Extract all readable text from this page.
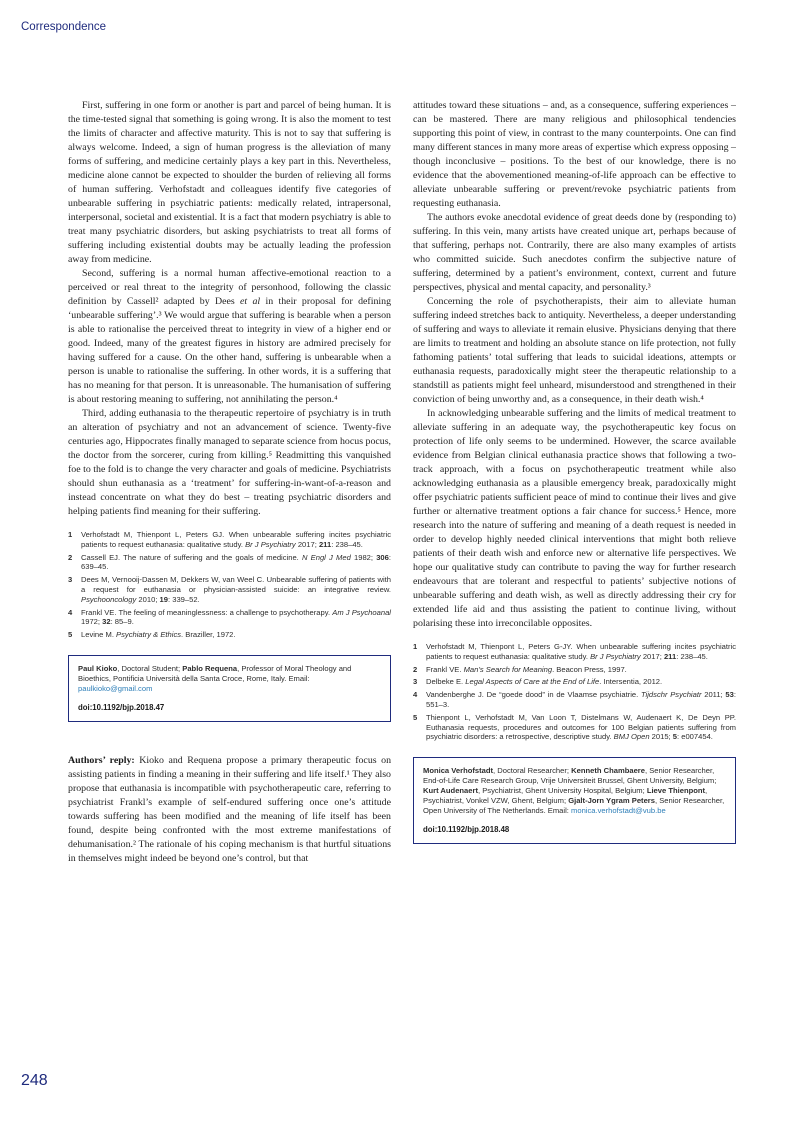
Correspondence

First, suffering in one form or another is part and parcel of being human. It is the time-tested signal that something is going wrong. It is also the moment to test the limits of character and affective maturity. This is not to say that suffering is always welcome. Indeed, a sign of human progress is the alleviation of many forms of suffering, and medicine certainly plays a key part in this. Nevertheless, medicine alone cannot be expected to shoulder the burden of relieving all forms of human suffering. Verhofstadt and colleagues identify five categories of unbearable suffering in psychiatric patients: medically related, intrapersonal, interpersonal, societal and existential. It is a fact that modern psychiatry is able to treat many psychiatric disorders, but asking psychiatrists to treat all forms of suffering including existential doubts may be actually leading the profession away from medicine.

Second, suffering is a normal human affective-emotional reaction to a perceived or real threat to the integrity of personhood, following the classic definition by Cassell² adapted by Dees et al in their proposal for defining ‘unbearable suffering’.³ We would argue that suffering is bearable when a person is able to rationalise the perceived threat to integrity in view of a higher end or good. Indeed, many of the greatest figures in history are admired precisely for having suffered for a cause. On the other hand, suffering is unbearable when a person is unable to rationalise the suffering. In other words, it is a suffering that has no meaning for that person. It is unreasonable. The humanisation of suffering is about restoring meaning to suffering, not annihilating the person.⁴

Third, adding euthanasia to the therapeutic repertoire of psychiatry is in truth an alteration of psychiatry and not an advancement of science. Twenty-five centuries ago, Hippocrates finally managed to separate science from hocus pocus, the doctor from the sorcerer, curing from killing.⁵ Readmitting this vanquished foe to the fold is to change the very character and goals of medicine. Psychiatrists should shun euthanasia as a ‘treatment’ for suffering-in-want-of-a-reason and instead concentrate on what they do best – treating psychiatric disorders and helping patients find meaning for their suffering.

1	Verhofstadt M, Thienpont L, Peters GJ. When unbearable suffering incites psychiatric patients to request euthanasia: qualitative study. Br J Psychiatry 2017; 211: 238–45.
2	Cassell EJ. The nature of suffering and the goals of medicine. N Engl J Med 1982; 306: 639–45.
3	Dees M, Vernooij-Dassen M, Dekkers W, van Weel C. Unbearable suffering of patients with a request for euthanasia or physician-assisted suicide: an integrative review. Psychooncology 2010; 19: 339–52.
4	Frankl VE. The feeling of meaninglessness: a challenge to psychotherapy. Am J Psychoanal 1972; 32: 85–9.
5	Levine M. Psychiatry & Ethics. Braziller, 1972.
Paul Kioko, Doctoral Student; Pablo Requena, Professor of Moral Theology and Bioethics, Pontificia Università della Santa Croce, Rome, Italy. Email: paulkioko@gmail.com
doi:10.1192/bjp.2018.47

Authors’ reply: Kioko and Requena propose a primary therapeutic focus on assisting patients in finding a meaning in their suffering and life itself.¹ They also propose that euthanasia is incompatible with psychotherapeutic care, referring to psychiatrist Frankl’s example of self-endured suffering once one’s attitude towards suffering has been modified and the meaning of life itself has been found, despite being confronted with the most extreme manifestations of dehumanisation.² The rationale of his coping mechanism is that hurtful situations in themselves might indeed be beyond one’s control, but that

attitudes toward these situations – and, as a consequence, suffering experiences – can be mastered. There are many religious and philosophical tendencies supporting this point of view, in contrast to the many counterpoints. One can find many different stances in many more areas of expertise which express opposing – though inconclusive – positions. To the best of our knowledge, there is no evidence that the abovementioned meaning-of-life approach can be effective to alleviate unbearable suffering or prevent/revoke psychiatric patients from requesting euthanasia.

The authors evoke anecdotal evidence of great deeds done by (responding to) suffering. In this vein, many artists have created unique art, perhaps because of that suffering, perhaps not. Contrarily, there are also many examples of artists who committed suicide. Such anecdotes confirm the subjective nature of suffering, determined by a patient’s environment, context, current and future perspectives, physical and mental capacity, and personality.³

Concerning the role of psychotherapists, their aim to alleviate human suffering indeed stretches back to antiquity. Nevertheless, a deeper understanding of suffering and ways to alleviate it remain elusive. Physicians denying that there are limits to treatment and holding an absolute stance on life protection, not fully fathoming patients’ total suffering that leads to suicidal ideations, attempts or euthanasia requests, paradoxically might steer the therapeutic relationship to a standstill as patients might feel unheard, misunderstood and strengthened in their conviction of being unworthy and, as a consequence, in their death wish.⁴

In acknowledging unbearable suffering and the limits of medical treatment to alleviate suffering in an adequate way, the psychotherapeutic key focus on protection of life only seems to be undermined. However, the scarce available evidence from Belgian clinical euthanasia practice shows that following a two-track approach, with a focus on psychotherapeutic treatment while also acknowledging euthanasia as a plausible emergency break, paradoxically might offer psychiatric patients sufficient peace of mind to continue their lives and give further or alternative treatment options a fair chance for success.⁵ Hence, more research into the nature of suffering and meaning of a death request is needed in order to develop highly needed clinical interventions that might both relieve patients of their death wish and enforce new or alternative life perspectives. We hope our qualitative study can contribute to paving the way for further research endeavours that are tolerant and respectful to patients’ subjective notions of unbearable suffering and death wish, as well as directly addressing their cry for extended life aid and thus assisting the patient to continue living, without polarising these into irreconcilable opposites.

1	Verhofstadt M, Thienpont L, Peters G-JY. When unbearable suffering incites psychiatric patients to request euthanasia: qualitative study. Br J Psychiatry 2017; 211: 238–45.
2	Frankl VE. Man’s Search for Meaning. Beacon Press, 1997.
3	Delbeke E. Legal Aspects of Care at the End of Life. Intersentia, 2012.
4	Vandenberghe J. De “goede dood” in de Vlaamse psychiatrie. Tijdschr Psychiatr 2011; 53: 551–3.
5	Thienpont L, Verhofstadt M, Van Loon T, Distelmans W, Audenaert K, De Deyn PP. Euthanasia requests, procedures and outcomes for 100 Belgian patients suffering from psychiatric disorders: a retrospective, descriptive study. BMJ Open 2015; 5: e007454.
Monica Verhofstadt, Doctoral Researcher; Kenneth Chambaere, Senior Researcher, End-of-Life Care Research Group, Vrije Universiteit Brussel, Ghent University, Belgium; Kurt Audenaert, Psychiatrist, Ghent University Hospital, Belgium; Lieve Thienpont, Psychiatrist, Vonkel VZW, Ghent, Belgium; Gjalt-Jorn Ygram Peters, Senior Researcher, Open University of The Netherlands. Email: monica.verhofstadt@vub.be
doi:10.1192/bjp.2018.48
248
